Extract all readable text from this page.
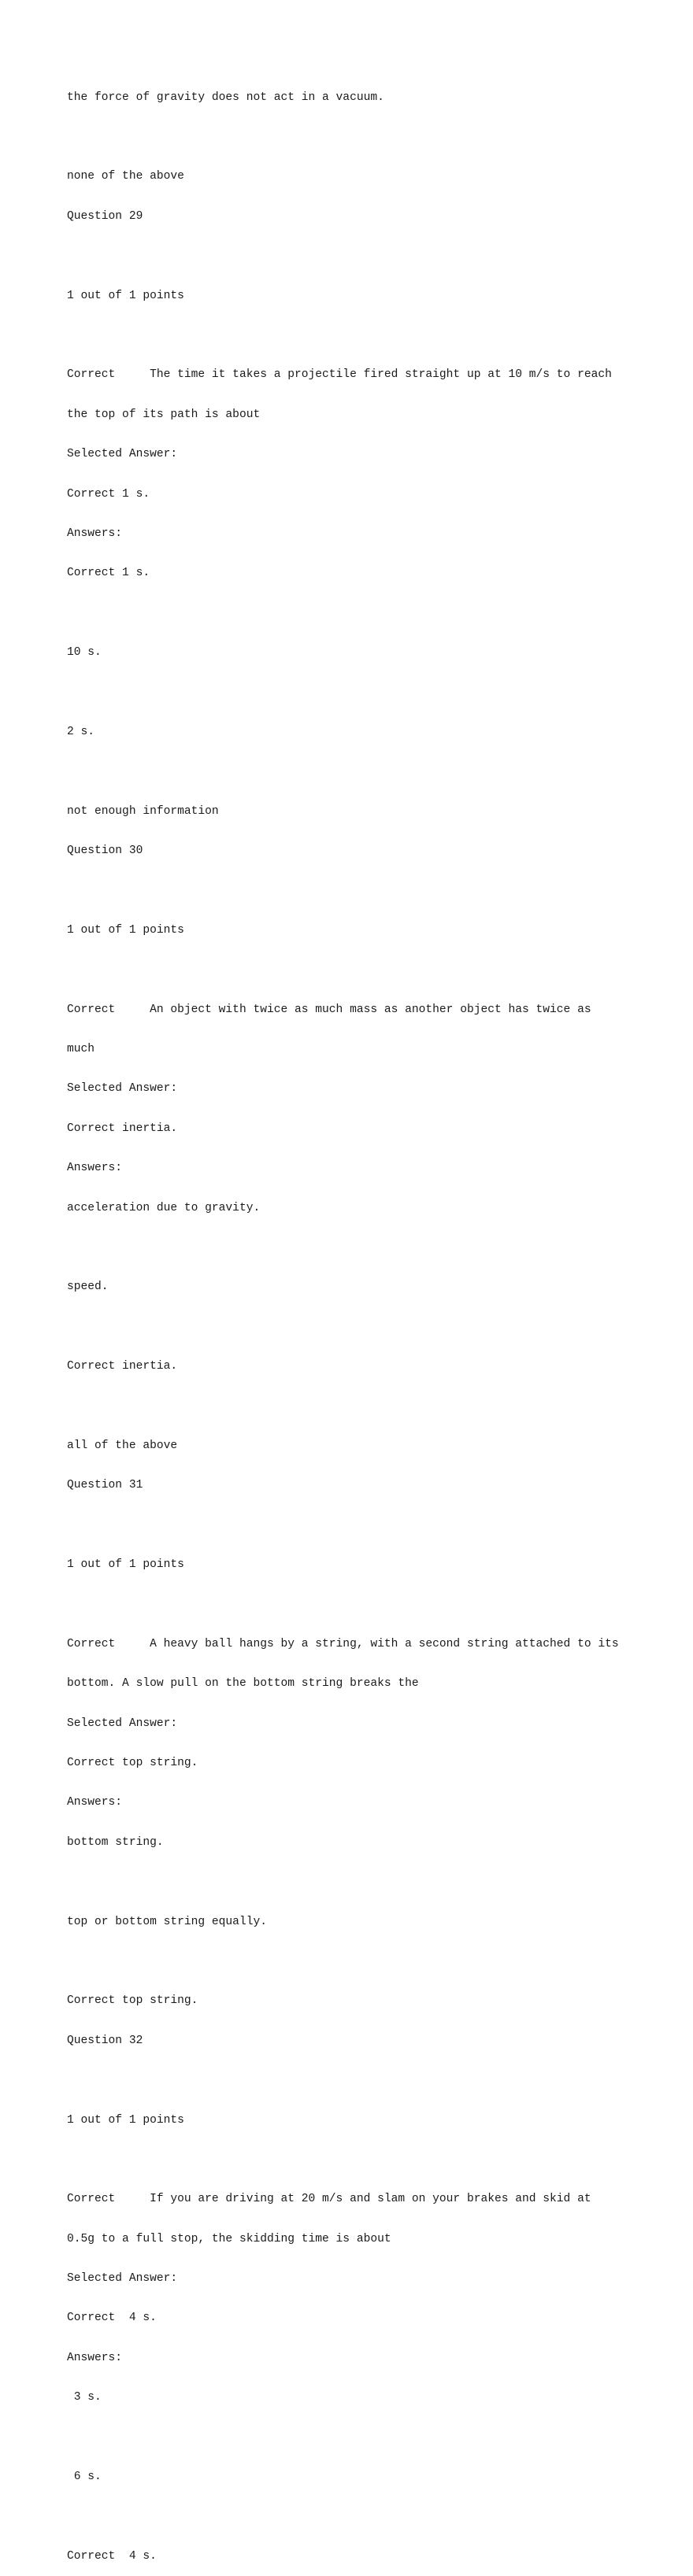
the force of gravity does not act in a vacuum.

none of the above

Question 29

1 out of 1 points

Correct     The time it takes a projectile fired straight up at 10 m/s to reach

the top of its path is about

Selected Answer:

Correct 1 s.

Answers:

Correct 1 s.

10 s.

2 s.

not enough information

Question 30

1 out of 1 points

Correct     An object with twice as much mass as another object has twice as

much

Selected Answer:

Correct inertia.

Answers:

acceleration due to gravity.

speed.

Correct inertia.

all of the above

Question 31

1 out of 1 points

Correct     A heavy ball hangs by a string, with a second string attached to its

bottom. A slow pull on the bottom string breaks the

Selected Answer:

Correct top string.

Answers:

bottom string.

top or bottom string equally.

Correct top string.

Question 32

1 out of 1 points

Correct     If you are driving at 20 m/s and slam on your brakes and skid at

0.5g to a full stop, the skidding time is about

Selected Answer:

Correct  4 s.

Answers:

3 s.

6 s.

Correct  4 s.
